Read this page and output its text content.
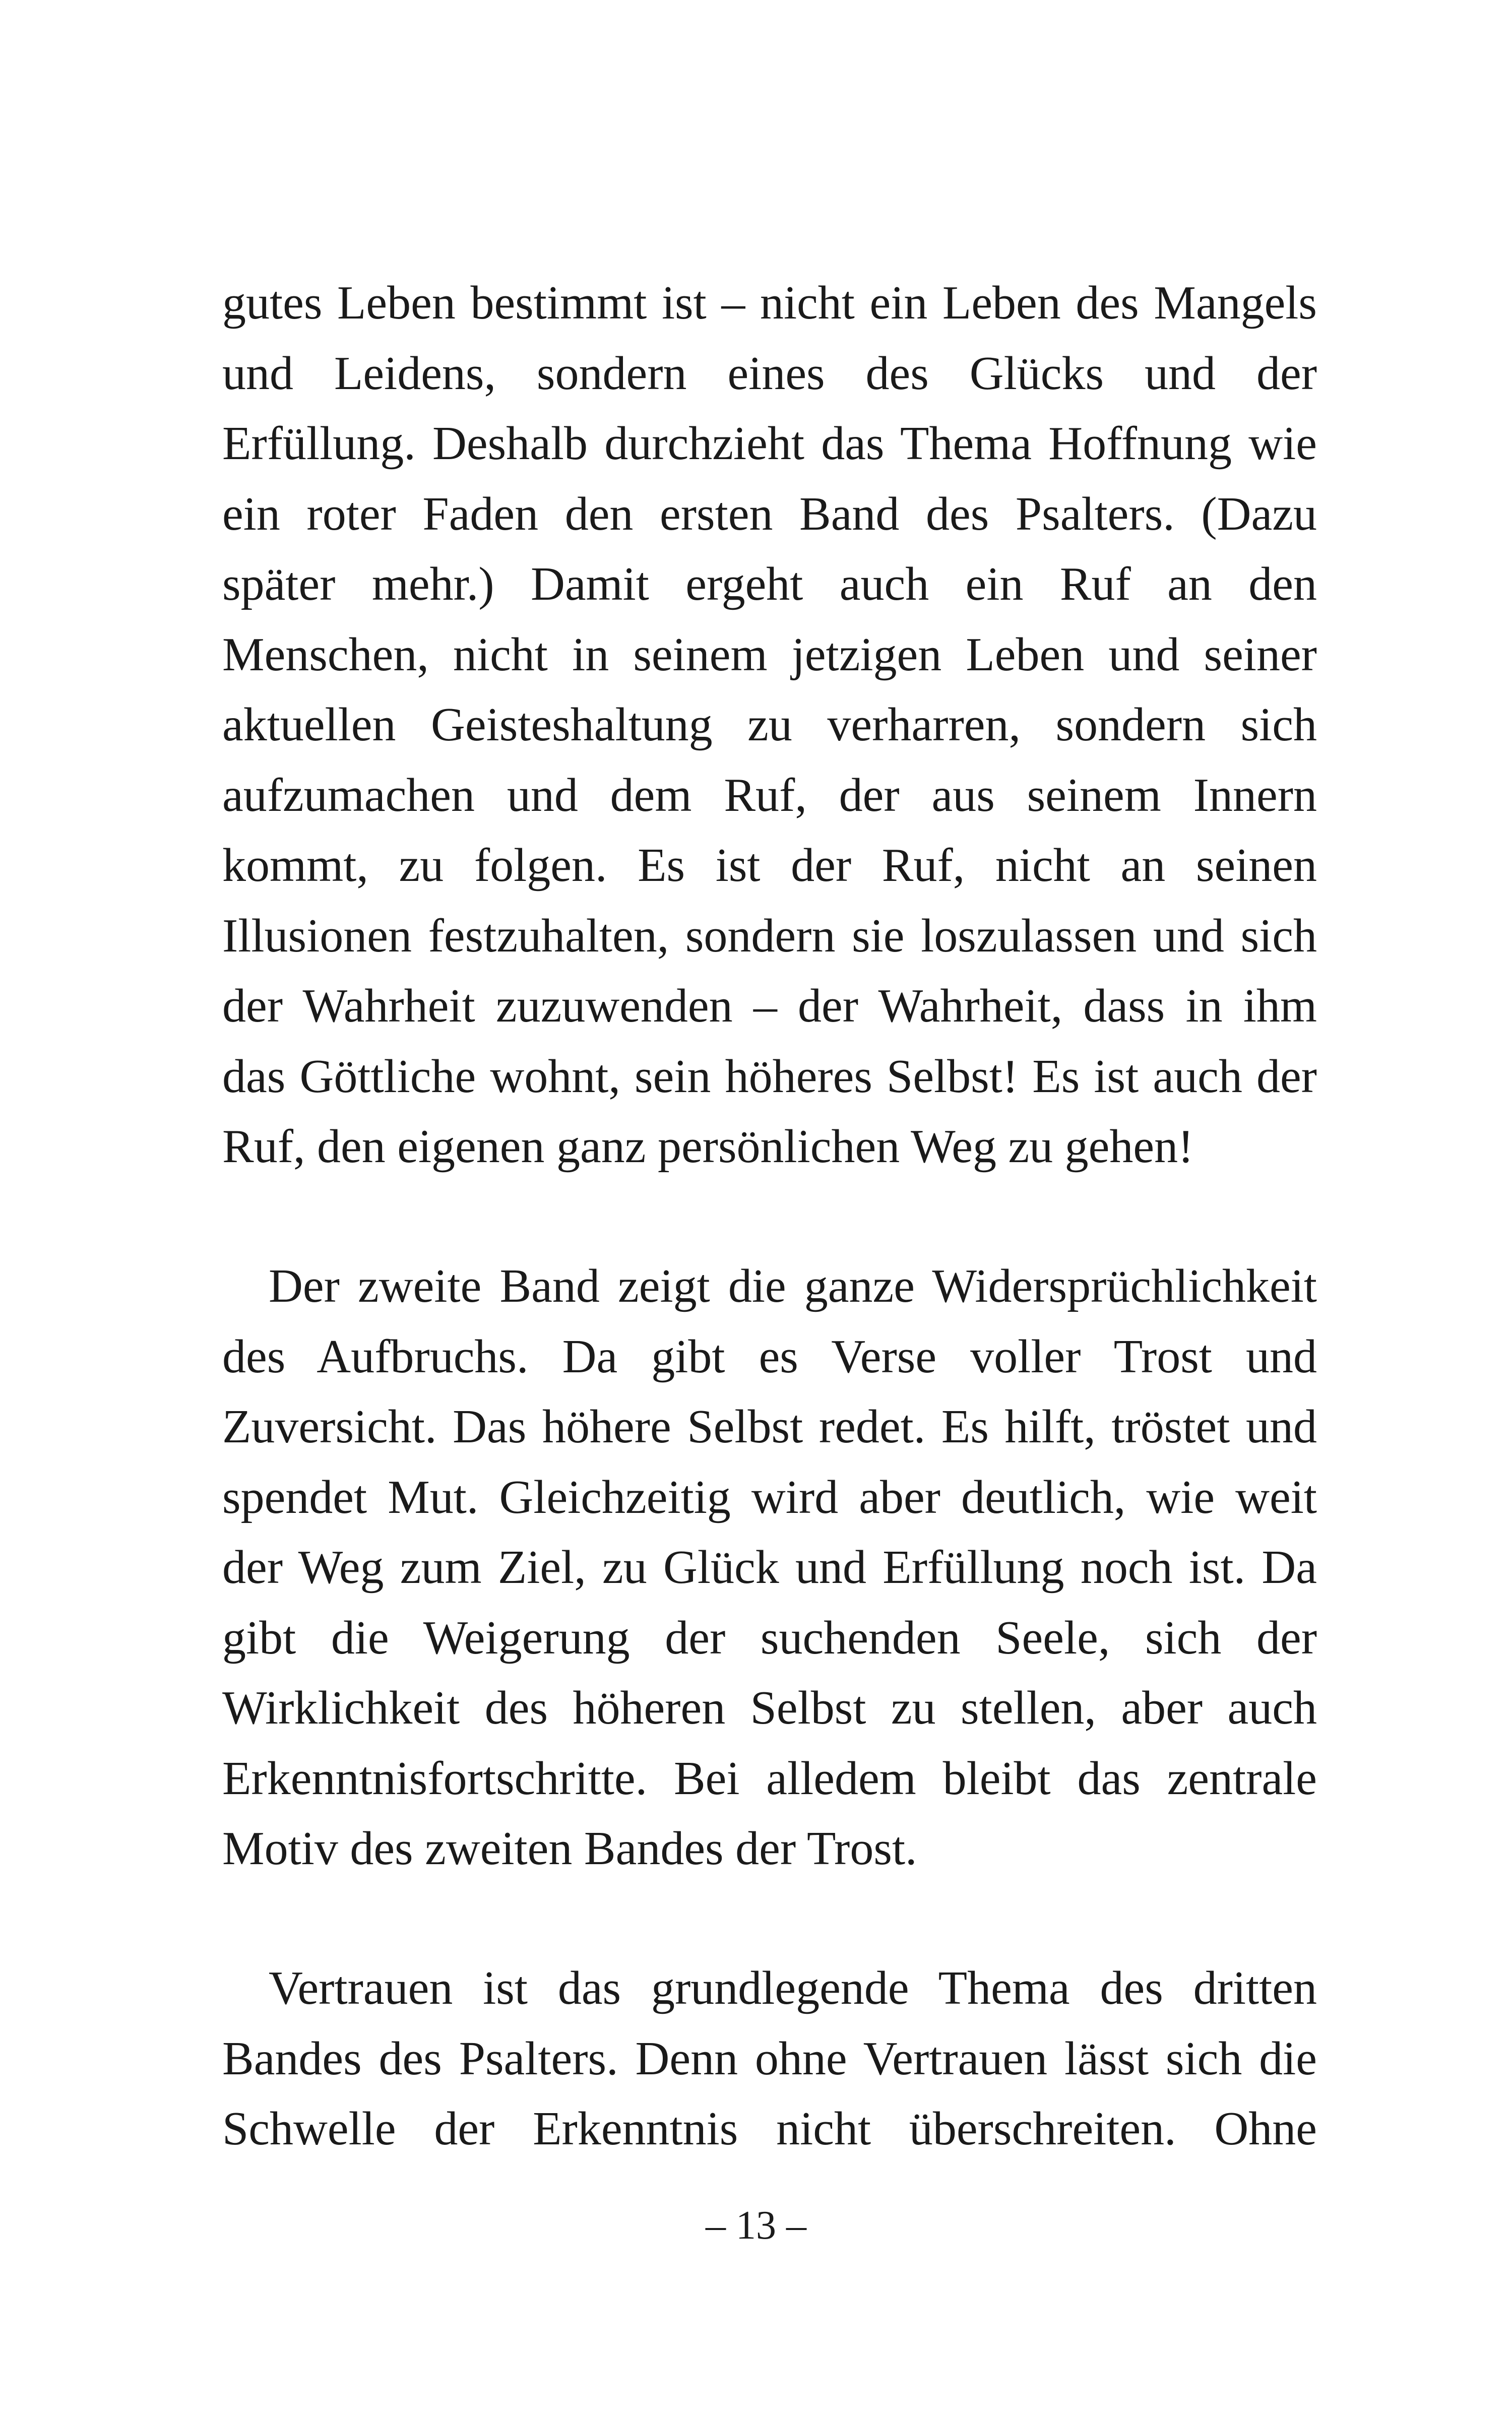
gutes Leben bestimmt ist – nicht ein Leben des Mangels
und Leidens, sondern eines des Glücks und der
Erfüllung. Deshalb durchzieht das Thema Hoffnung wie
ein roter Faden den ersten Band des Psalters. (Dazu
später mehr.) Damit ergeht auch ein Ruf an den
Menschen, nicht in seinem jetzigen Leben und seiner
aktuellen Geisteshaltung zu verharren, sondern sich
aufzumachen und dem Ruf, der aus seinem Innern
kommt, zu folgen. Es ist der Ruf, nicht an seinen
Illusionen festzuhalten, sondern sie loszulassen und sich
der Wahrheit zuzuwenden – der Wahrheit, dass in ihm
das Göttliche wohnt, sein höheres Selbst! Es ist auch der
Ruf, den eigenen ganz persönlichen Weg zu gehen!
Der zweite Band zeigt die ganze Widersprüchlichkeit
des Aufbruchs. Da gibt es Verse voller Trost und
Zuversicht. Das höhere Selbst redet. Es hilft, tröstet und
spendet Mut. Gleichzeitig wird aber deutlich, wie weit
der Weg zum Ziel, zu Glück und Erfüllung noch ist. Da
gibt die Weigerung der suchenden Seele, sich der
Wirklichkeit des höheren Selbst zu stellen, aber auch
Erkenntnisfortschritte. Bei alledem bleibt das zentrale
Motiv des zweiten Bandes der Trost.
Vertrauen ist das grundlegende Thema des dritten
Bandes des Psalters. Denn ohne Vertrauen lässt sich die
Schwelle der Erkenntnis nicht überschreiten. Ohne
– 13 –
